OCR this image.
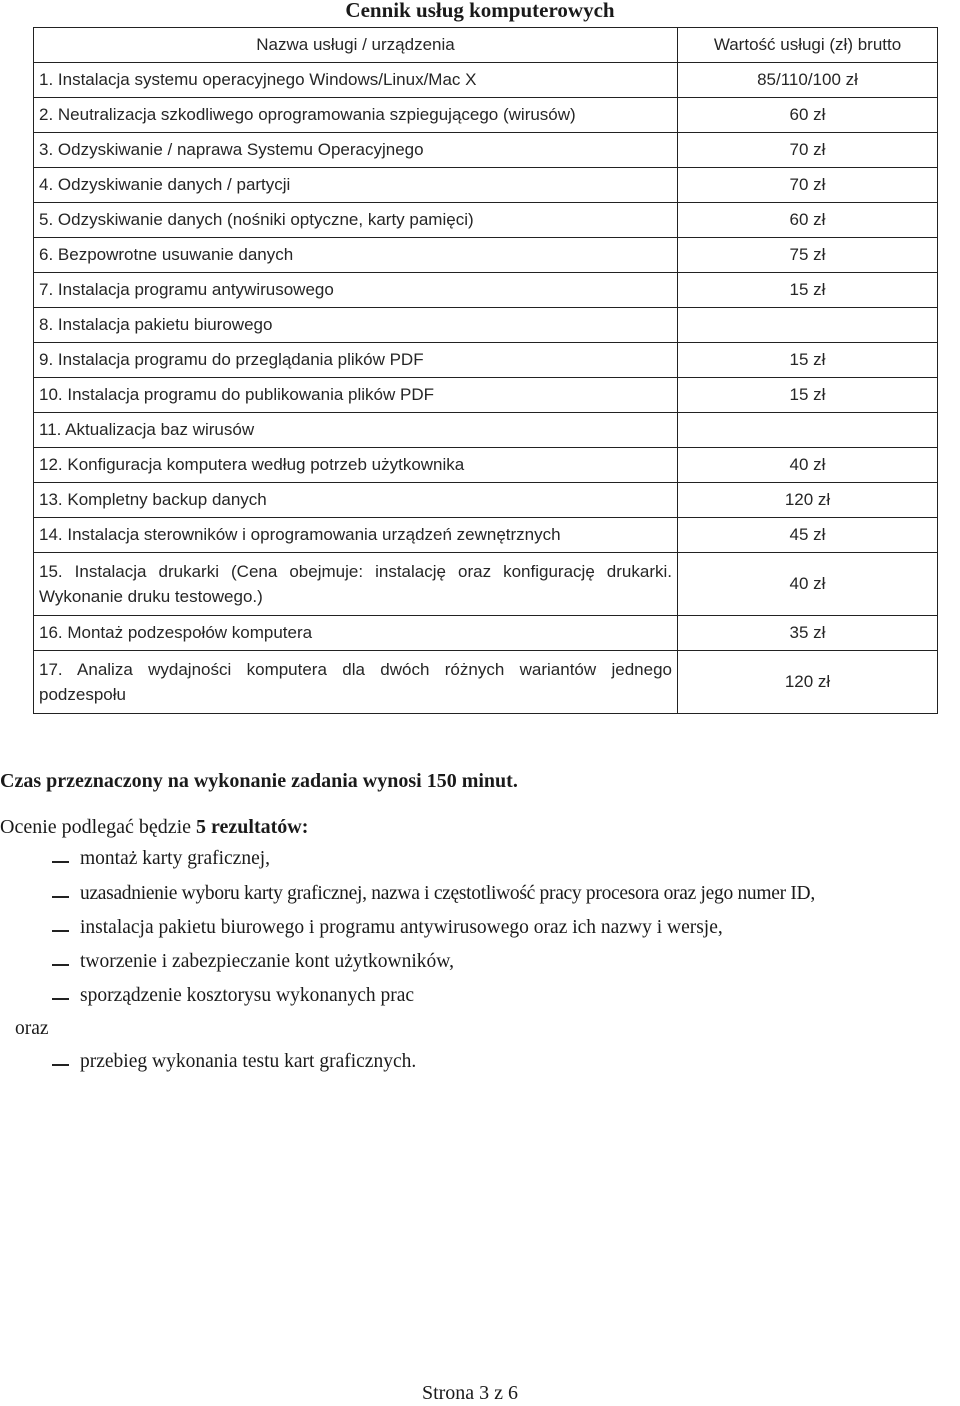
Cennik usług komputerowych
Nazwa usługi / urządzenia	Wartość usługi (zł) brutto
1. Instalacja systemu operacyjnego Windows/Linux/Mac X	85/110/100 zł
2. Neutralizacja szkodliwego oprogramowania szpiegującego (wirusów)	60 zł
3. Odzyskiwanie / naprawa Systemu Operacyjnego	70 zł
4. Odzyskiwanie danych / partycji	70 zł
5. Odzyskiwanie danych (nośniki optyczne, karty pamięci)	60 zł
6. Bezpowrotne usuwanie danych	75 zł
7. Instalacja programu antywirusowego	15 zł
8. Instalacja pakietu biurowego	
9. Instalacja programu do przeglądania plików PDF	15 zł
10. Instalacja programu do publikowania plików PDF	15 zł
11. Aktualizacja baz wirusów	
12. Konfiguracja komputera według potrzeb użytkownika	40 zł
13. Kompletny backup danych	120 zł
14. Instalacja sterowników i oprogramowania urządzeń zewnętrznych	45 zł
15. Instalacja drukarki (Cena obejmuje: instalację oraz konfigurację drukarki. Wykonanie druku testowego.)	40 zł
16. Montaż podzespołów komputera	35 zł
17. Analiza wydajności komputera dla dwóch różnych wariantów jednego podzespołu	120 zł
Czas przeznaczony na wykonanie zadania wynosi 150 minut.
Ocenie podlegać będzie 5 rezultatów:
montaż karty graficznej,
uzasadnienie wyboru karty graficznej, nazwa i częstotliwość pracy procesora oraz jego numer ID,
instalacja pakietu biurowego i programu antywirusowego oraz ich nazwy i wersje,
tworzenie i zabezpieczanie kont użytkowników,
sporządzenie kosztorysu wykonanych prac
przebieg wykonania testu kart graficznych.
oraz
Strona 3 z 6
